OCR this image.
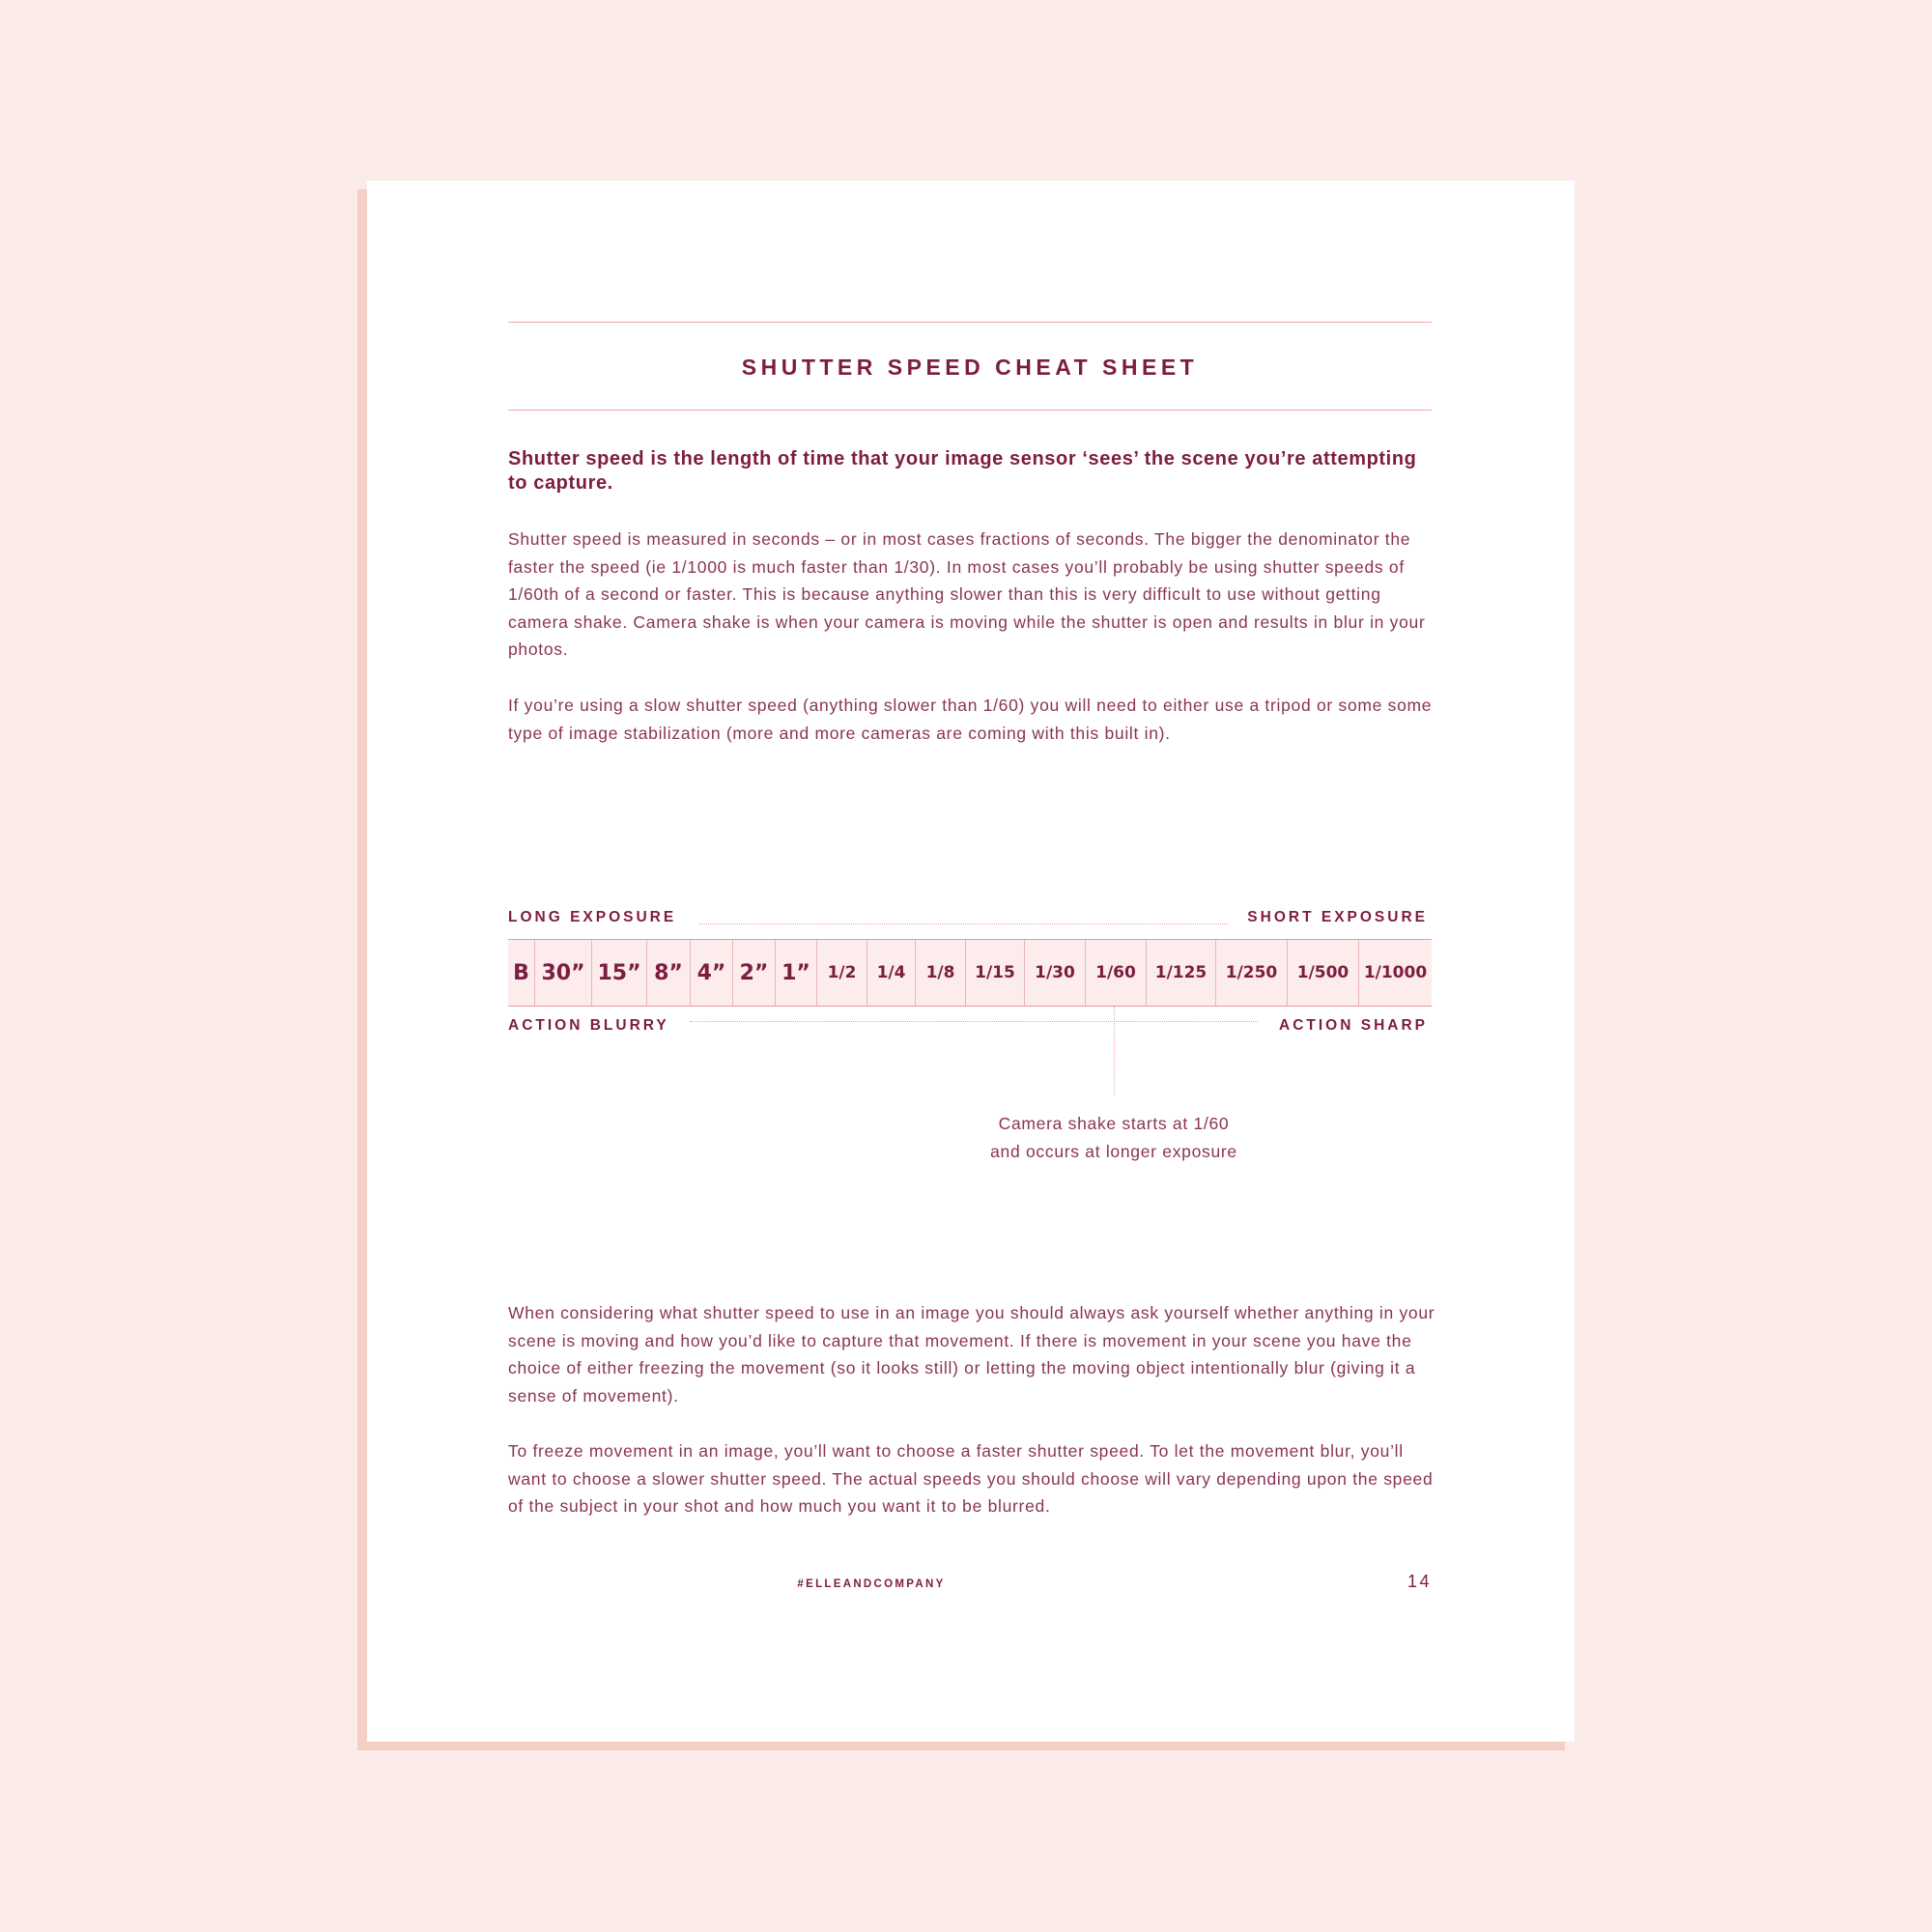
SHUTTER SPEED CHEAT SHEET
Shutter speed is the length of time that your image sensor ‘sees’ the scene you’re attempting to capture.
Shutter speed is measured in seconds – or in most cases fractions of seconds. The bigger the denominator the faster the speed (ie 1/1000 is much faster than 1/30). In most cases you’ll probably be using shutter speeds of 1/60th of a second or faster. This is because anything slower than this is very difficult to use without getting camera shake. Camera shake is when your camera is moving while the shutter is open and results in blur in your photos.
If you’re using a slow shutter speed (anything slower than 1/60) you will need to either use a tripod or some some type of image stabilization (more and more cameras are coming with this built in).
LONG EXPOSURE	SHORT EXPOSURE
B 30” 15” 8” 4” 2” 1”	1/2	1/4	1/8	1/15	1/30	1/60	1/125	1/250	1/500 1/1000
ACTION BLURRY	ACTION SHARP
Camera shake starts at 1/60
and occurs at longer exposure
When considering what shutter speed to use in an image you should always ask yourself whether anything in your scene is moving and how you’d like to capture that movement. If there is movement in your scene you have the choice of either freezing the movement (so it looks still) or letting the moving object intentionally blur (giving it a sense of movement).
To freeze movement in an image, you’ll want to choose a faster shutter speed. To let the movement blur, you’ll want to choose a slower shutter speed. The actual speeds you should choose will vary depending upon the speed of the subject in your shot and how much you want it to be blurred.
#ELLEANDCOMPANY	14
